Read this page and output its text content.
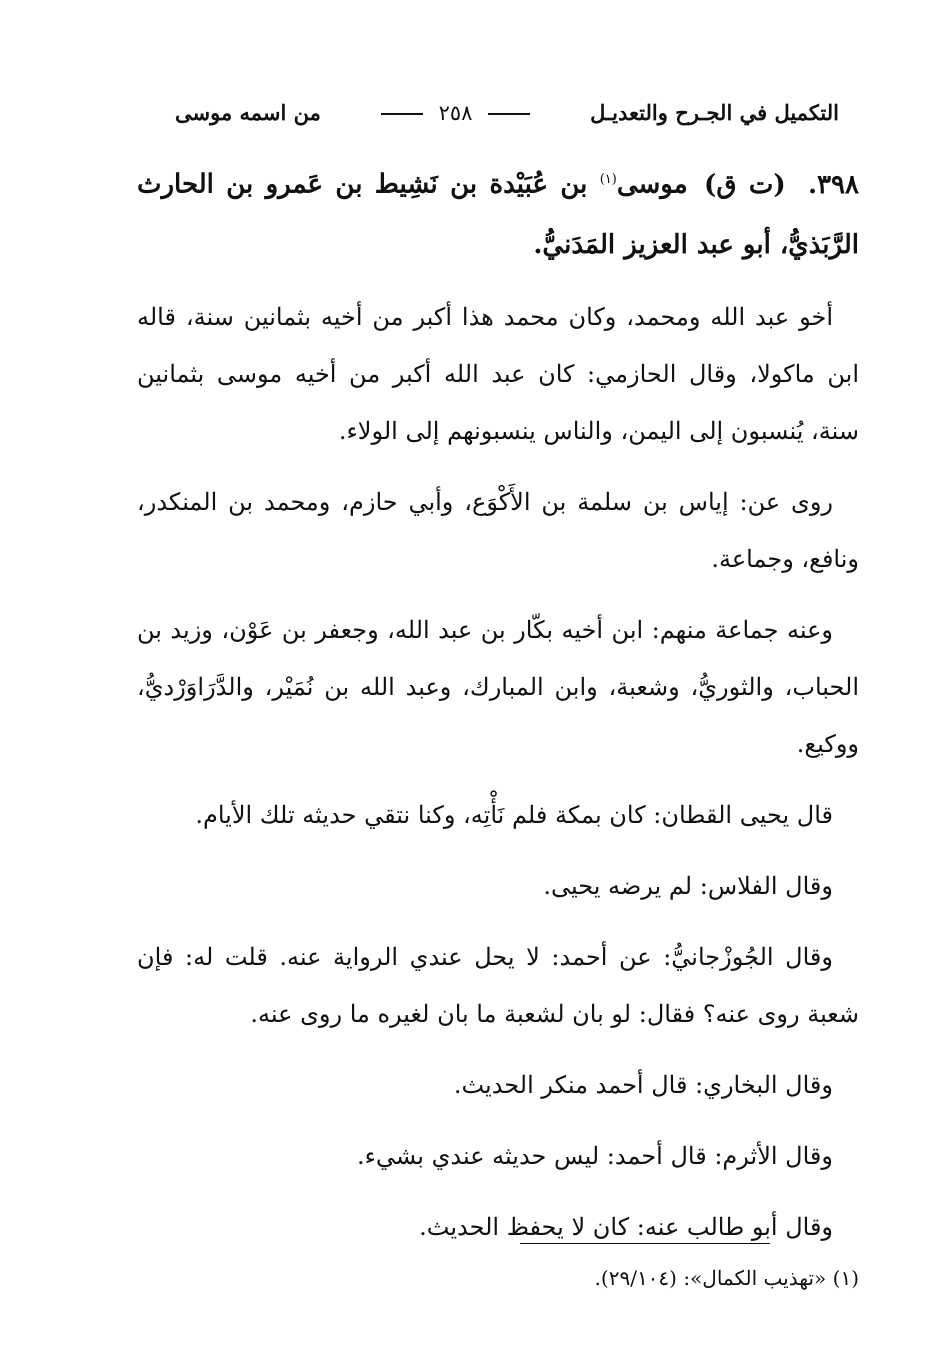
التكميل في الجـرح والتعديـل
٢٥٨
من اسمه موسى
٣٩٨. (ت ق) موسى$^{(١)}$ بن عُبَيْدة بن نَشِيط بن عَمرو بن الحارث الرَّبَذيُّ، أبو عبد العزيز المَدَنيُّ.

أخو عبد الله ومحمد، وكان محمد هذا أكبر من أخيه بثمانين سنة، قاله ابن ماكولا، وقال الحازمي: كان عبد الله أكبر من أخيه موسى بثمانين سنة، يُنسبون إلى اليمن، والناس ينسبونهم إلى الولاء.

روى عن: إياس بن سلمة بن الأَكْوَع، وأبي حازم، ومحمد بن المنكدر، ونافع، وجماعة.

وعنه جماعة منهم: ابن أخيه بكّار بن عبد الله، وجعفر بن عَوْن، وزيد بن الحباب، والثوريُّ، وشعبة، وابن المبارك، وعبد الله بن نُمَيْر، والدَّرَاوَرْديُّ، ووكيع.

قال يحيى القطان: كان بمكة فلم نَأْتِه، وكنا نتقي حديثه تلك الأيام.

وقال الفلاس: لم يرضه يحيى.

وقال الجُوزْجانيُّ: عن أحمد: لا يحل عندي الرواية عنه. قلت له: فإن شعبة روى عنه؟ فقال: لو بان لشعبة ما بان لغيره ما روى عنه.

وقال البخاري: قال أحمد منكر الحديث.

وقال الأثرم: قال أحمد: ليس حديثه عندي بشيء.

وقال أبو طالب عنه: كان لا يحفظ الحديث.

(١) «تهذيب الكمال»: (٢٩/١٠٤).
